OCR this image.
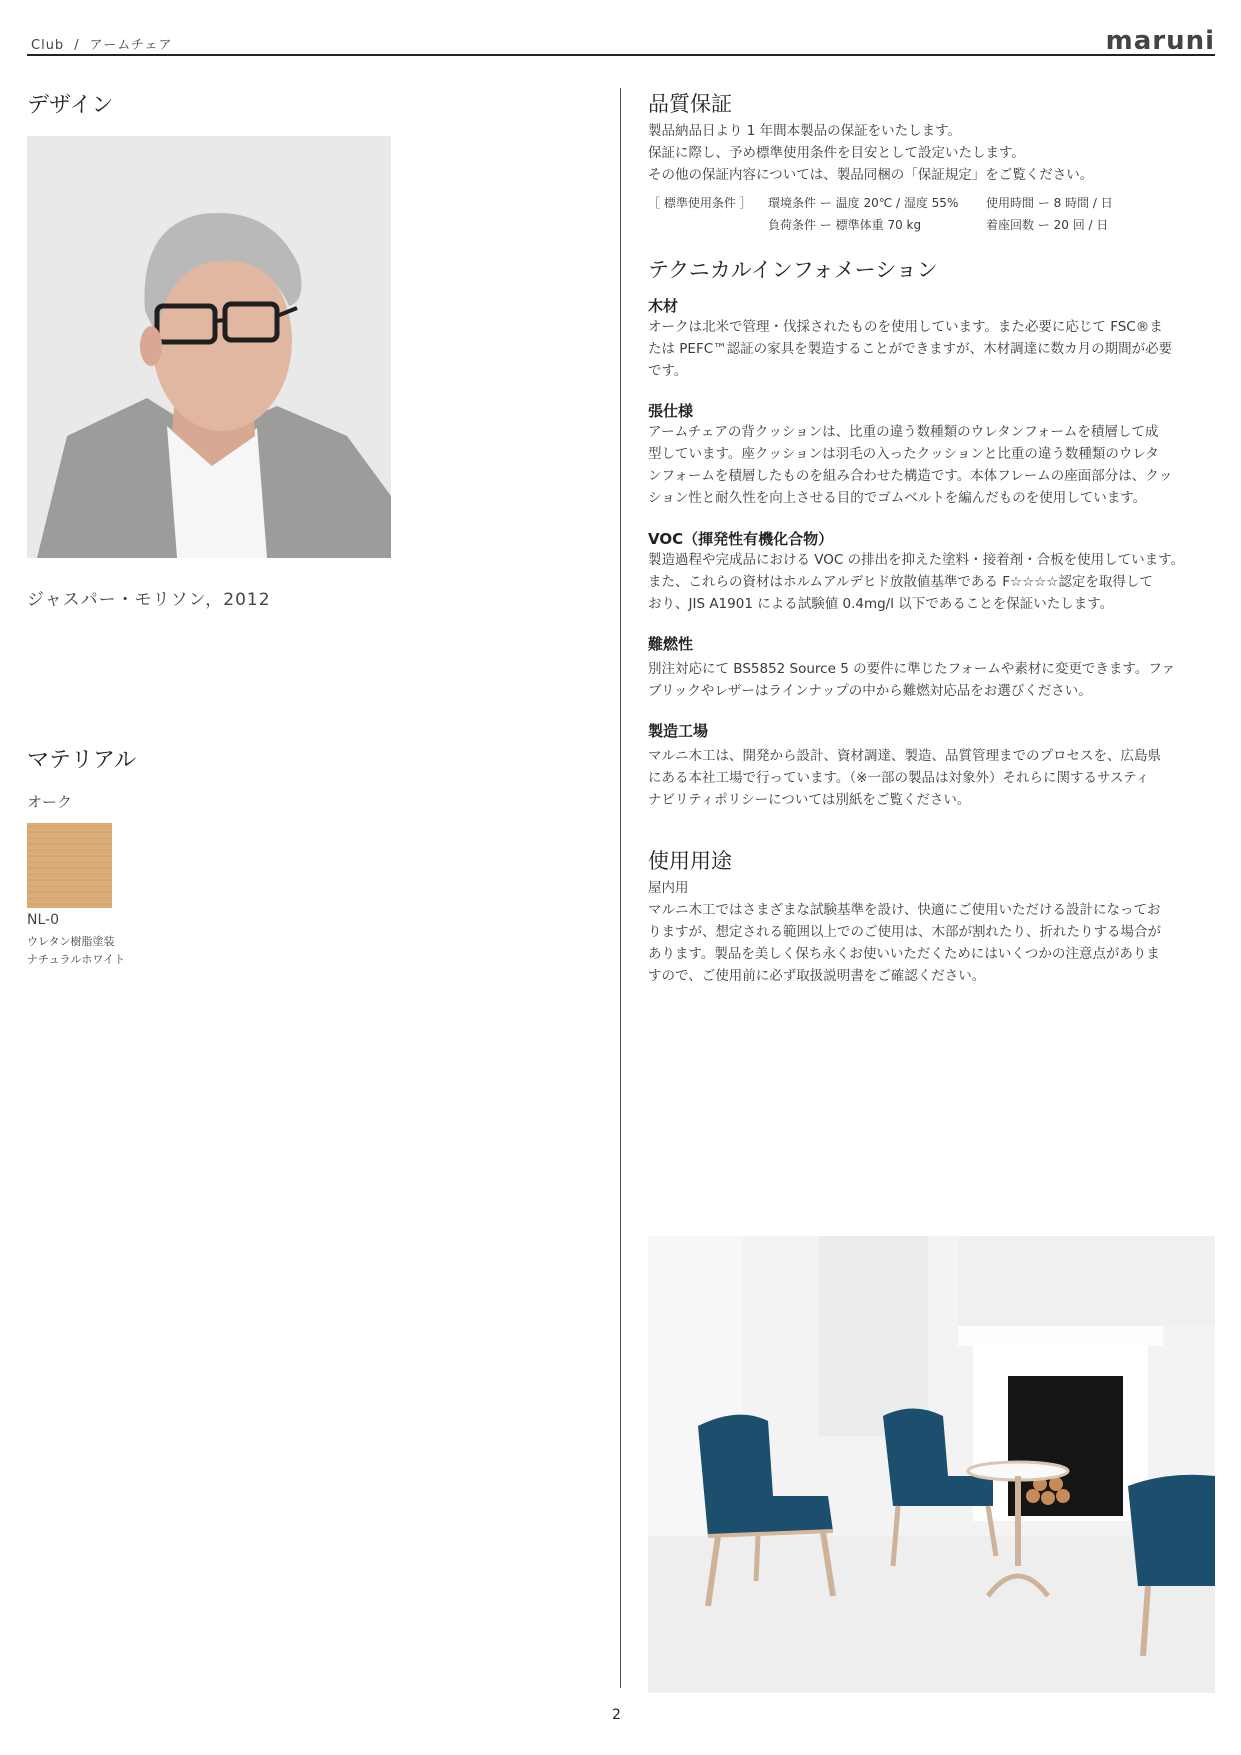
Club / アームチェア	maruni
デザイン
ジャスパー・モリソン，2012
マテリアル
オーク
NL-0
ウレタン樹脂塗装
ナチュラルホワイト
品質保証

製品納品日より 1 年間本製品の保証をいたします。

保証に際し、予め標準使用条件を目安として設定いたします。

その他の保証内容については、製品同梱の「保証規定」をご覧ください。

［ 標準使用条件 ］ 環境条件 ー 温度 20℃ / 湿度 55% 使用時間 ー 8 時間 / 日
負荷条件 ー 標準体重 70 kg	着座回数 ー 20 回 / 日
テクニカルインフォメーション

木材

オークは北米で管理・伐採されたものを使用しています。また必要に応じて FSC®ま

たは PEFC™認証の家具を製造することができますが、木材調達に数カ月の期間が必要

です。

張仕様

アームチェアの背クッションは、比重の違う数種類のウレタンフォームを積層して成

型しています。座クッションは羽毛の入ったクッションと比重の違う数種類のウレタ

ンフォームを積層したものを組み合わせた構造です。本体フレームの座面部分は、クッ

ション性と耐久性を向上させる目的でゴムベルトを編んだものを使用しています。

VOC（揮発性有機化合物）

製造過程や完成品における VOC の排出を抑えた塗料・接着剤・合板を使用しています。

また、これらの資材はホルムアルデヒド放散値基準である F☆☆☆☆認定を取得して

おり、JIS A1901 による試験値 0.4mg/l 以下であることを保証いたします。

難燃性

別注対応にて BS5852 Source 5 の要件に準じたフォームや素材に変更できます。ファ

ブリックやレザーはラインナップの中から難燃対応品をお選びください。

製造工場

マルニ木工は、開発から設計、資材調達、製造、品質管理までのプロセスを、広島県

にある本社工場で行っています。（※一部の製品は対象外）それらに関するサスティ

ナビリティポリシーについては別紙をご覧ください。

使用用途

屋内用

マルニ木工ではさまざまな試験基準を設け、快適にご使用いただける設計になってお

りますが、想定される範囲以上でのご使用は、木部が割れたり、折れたりする場合が

あります。製品を美しく保ち永くお使いいただくためにはいくつかの注意点がありま

すので、ご使用前に必ず取扱説明書をご確認ください。

2
